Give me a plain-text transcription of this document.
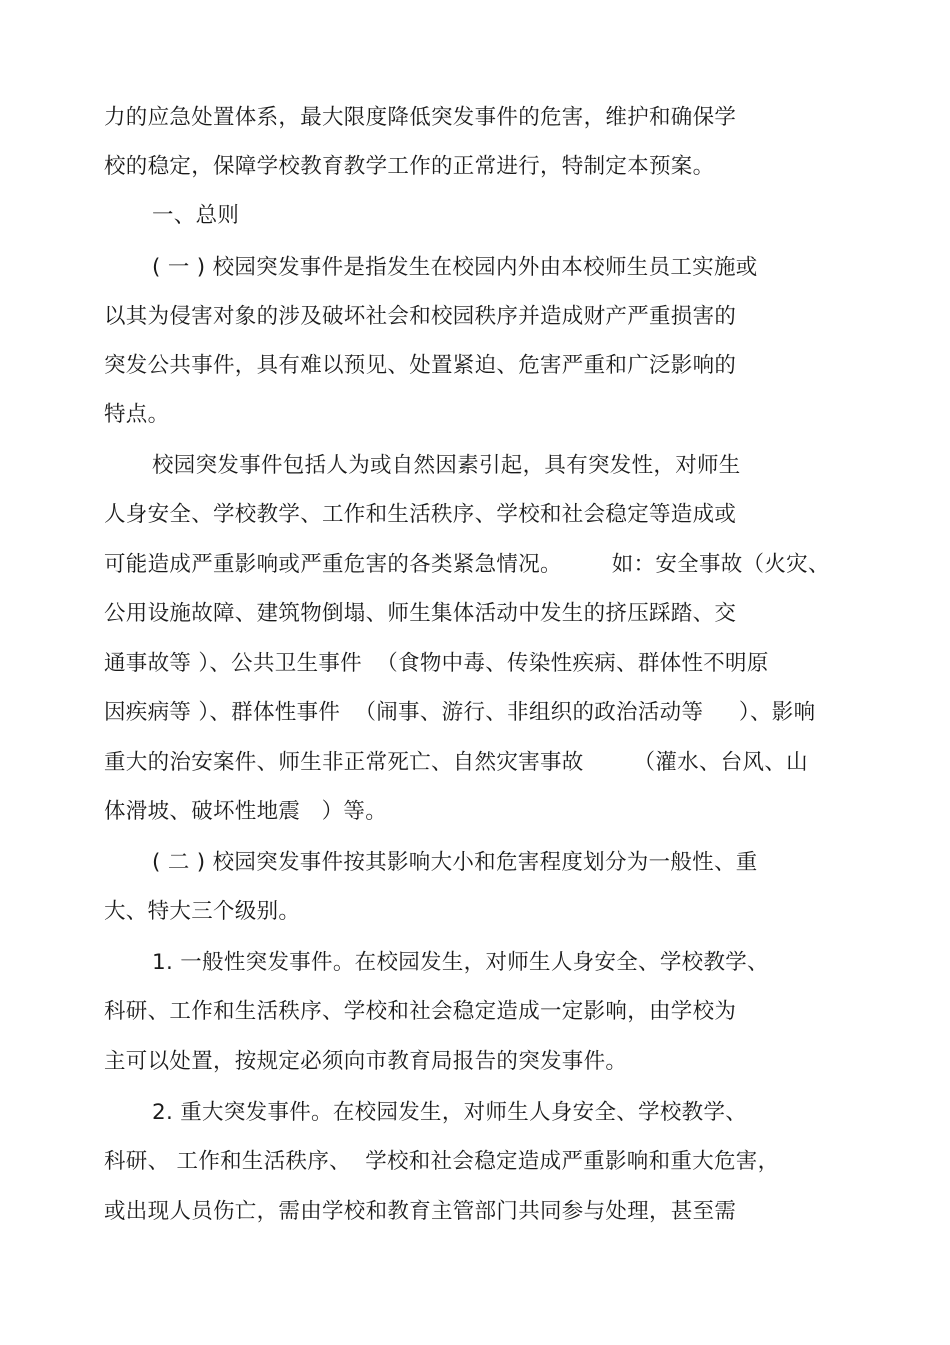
力的应急处置体系，最大限度降低突发事件的危害，维护和确保学
校的稳定，保障学校教育教学工作的正常进行，特制定本预案。
一、总则
( 一 ) 校园突发事件是指发生在校园内外由本校师生员工实施或
以其为侵害对象的涉及破坏社会和校园秩序并造成财产严重损害的
突发公共事件，具有难以预见、处置紧迫、危害严重和广泛影响的
特点。
校园突发事件包括人为或自然因素引起，具有突发性，对师生
人身安全、学校教学、工作和生活秩序、学校和社会稳定等造成或
可能造成严重影响或严重危害的各类紧急情况。       如：安全事故（火灾、
公用设施故障、建筑物倒塌、师生集体活动中发生的挤压踩踏、交
通事故等 ）、公共卫生事件  （食物中毒、传染性疾病、群体性不明原
因疾病等 ）、群体性事件  （闹事、游行、非组织的政治活动等     ）、影响
重大的治安案件、师生非正常死亡、自然灾害事故       （灌水、台风、山
体滑坡、破坏性地震   ）等。
( 二 ) 校园突发事件按其影响大小和危害程度划分为一般性、重
大、特大三个级别。
1. 一般性突发事件。在校园发生，对师生人身安全、学校教学、
科研、工作和生活秩序、学校和社会稳定造成一定影响，由学校为
主可以处置，按规定必须向市教育局报告的突发事件。
2. 重大突发事件。在校园发生，对师生人身安全、学校教学、
科研、 工作和生活秩序、  学校和社会稳定造成严重影响和重大危害，
或出现人员伤亡，需由学校和教育主管部门共同参与处理，甚至需
